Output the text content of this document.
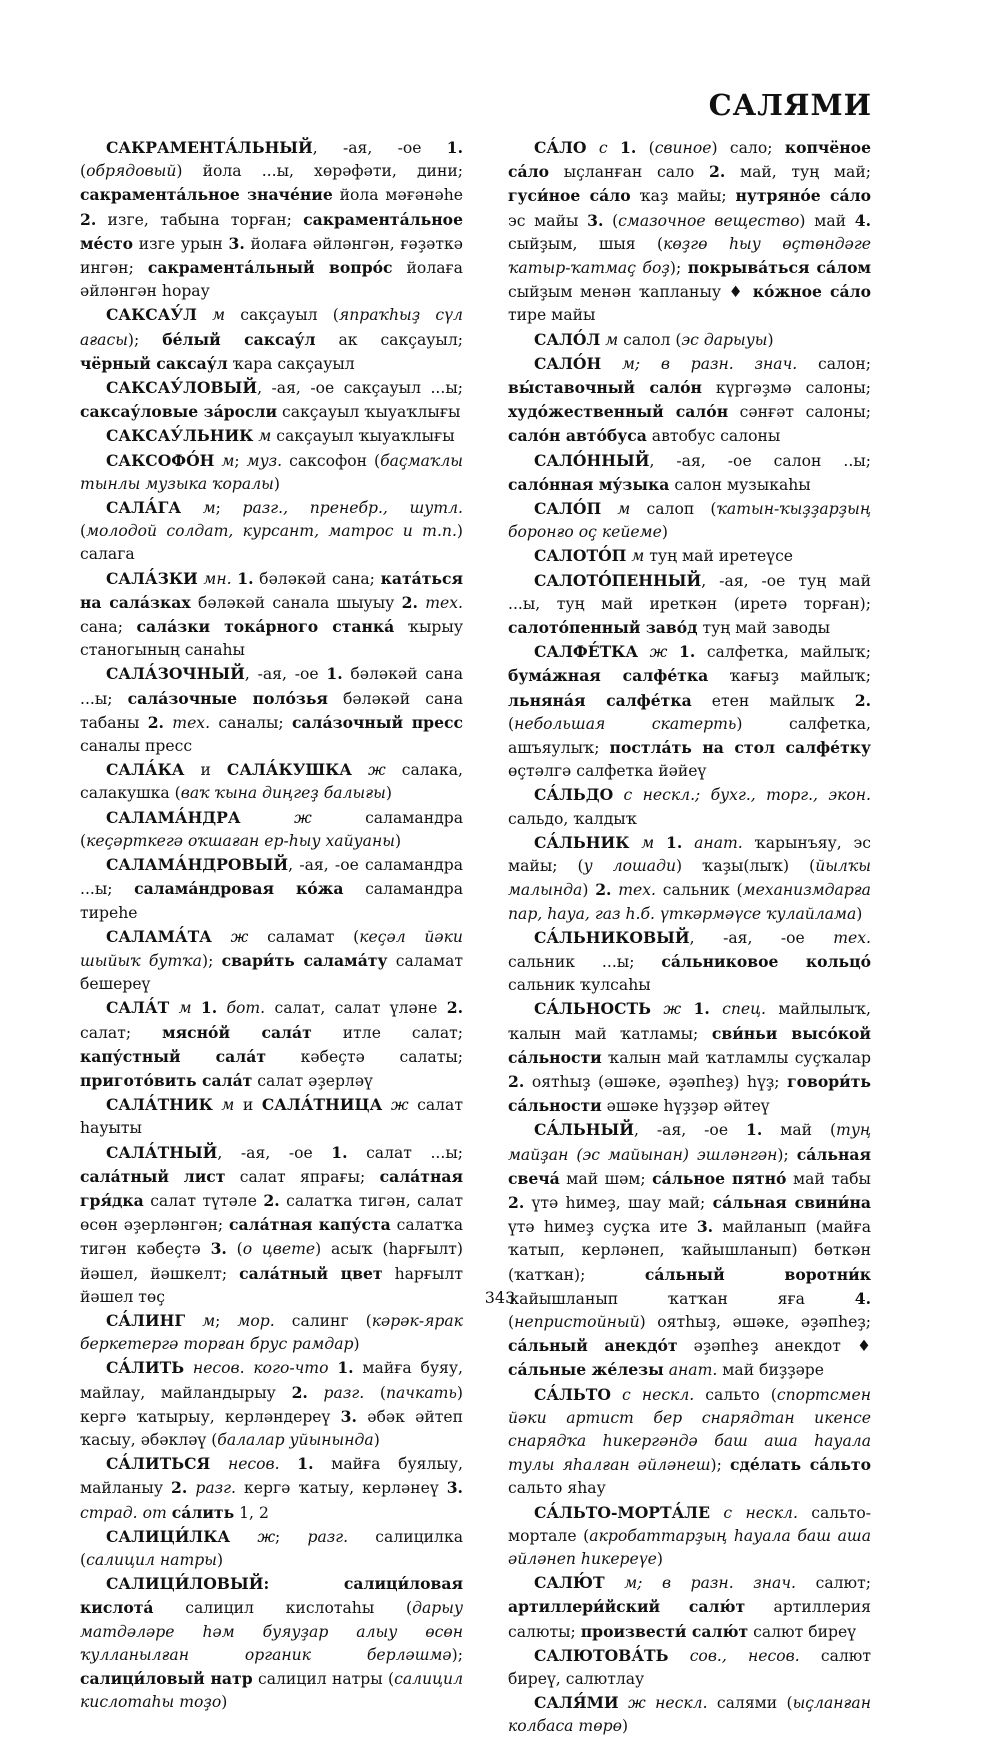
САЛЯМИ

САКРАМЕНТА́ЛЬНЫЙ, -ая, -ое 1. (обрядовый) йола ...ы, хөрәфәти, дини; сакрамента́льное значе́ние йола мәғәнәһе 2. изге, табына торған; сакрамента́льное ме́сто изге урын 3. йолаға әйләнгән, ғәҙәткә ингән; сакрамента́льный вопро́с йолаға әйләнгән һорау

САКСАУ́Л м сакҫауыл (япраҡһыҙ сүл ағасы); бе́лый саксау́л ак сакҫауыл; чёрный саксау́л ҡара сакҫауыл

САКСАУ́ЛОВЫЙ, -ая, -ое сакҫауыл ...ы; саксау́ловые за́росли сакҫауыл ҡыуаҡлығы

САКСАУ́ЛЬНИК м сакҫауыл ҡыуаҡлығы

САКСОФО́Н м; муз. саксофон (баҫмаҡлы тынлы музыка ҡоралы)

САЛА́ГА м; разг., пренебр., шутл. (молодой солдат, курсант, матрос и т.п.) салага

САЛА́ЗКИ мн. 1. бәләкәй сана; ката́ться на сала́зках бәләкәй санала шыуыу 2. тех. сана; сала́зки тока́рного станка́ ҡырыу станогының санаһы

САЛА́ЗОЧНЫЙ, -ая, -ое 1. бәләкәй сана ...ы; сала́зочные поло́зья бәләкәй сана табаны 2. тех. саналы; сала́зочный пресс саналы пресс

САЛА́КА и САЛА́КУШКА ж салака, салакушка (ваҡ ҡына диңгеҙ балығы)

САЛАМА́НДРА	ж саламандра (кеҫәрткегә оҡшаған ер-һыу хайуаны)

САЛАМА́НДРОВЫЙ, -ая, -ое саламандра ...ы; салама́ндровая ко́жа саламандра тиреһе

САЛАМА́ТА ж саламат (кеҫәл йәки шыйыҡ бутҡа); свари́ть салама́ту саламат бешереү

САЛА́Т м 1. бот. салат, салат үләне 2. салат; мясно́й сала́т итле салат; капу́стный сала́т кәбеҫтә салаты; пригото́вить сала́т салат әҙерләү

САЛА́ТНИК м и САЛА́ТНИЦА ж салат һауыты

САЛА́ТНЫЙ, -ая, -ое 1. салат ...ы; сала́тный лист салат япрағы; сала́тная гря́дка салат түтәле 2. салатҡа тигән, салат өсөн әҙерләнгән; сала́тная капу́ста салатҡа тигән кәбеҫтә 3. (о цвете) асыҡ (һарғылт) йәшел, йәшкелт; сала́тный цвет һарғылт йәшел төҫ

СА́ЛИНГ м; мор. салинг (кәрәк-ярак беркетергә торған брус рамдар)

СА́ЛИТЬ несов. кого-что 1. майға буяу, майлау, майландырыу 2. разг. (пачкать) кергә ҡатырыу, керләндереү 3. әбәк әйтеп ҡасыу, әбәкләү (балалар уйынында)

СА́ЛИТЬСЯ несов. 1. майға буялыу, майланыу 2. разг. кергә ҡатыу, керләнеү 3. страд. от са́лить 1, 2

САЛИЦИ́ЛКА ж; разг. салицилка (салицил натры)

САЛИЦИ́ЛОВЫЙ:	салици́ловая кислота́ салицил кислотаһы (дарыу матдәләре һәм буяуҙар алыу өсөн ҡулланылған органик берләшмә); салици́ловый натр салицил натры (салицил кислотаһы тоҙо)

СА́ЛО с 1. (свиное) сало; копчёное са́ло ыҫланған сало 2. май, туң май; гуси́ное са́ло ҡаҙ майы; нутряно́е са́ло эс майы 3. (смазочное вещество) май 4. сыйҙым, шыя (көҙгө һыу өҫтөндәге ҡатыр-ҡатмаҫ боҙ); покрыва́ться са́лом сыйҙым менән ҡапланыу ♦ ко́жное са́ло тире майы

САЛО́Л м салол (эс дарыуы)

САЛО́Н м; в разн. знач. салон; вы́ставочный сало́н күргәҙмә салоны; худо́жественный сало́н сәнғәт салоны; сало́н авто́буса автобус салоны

САЛО́ННЫЙ, -ая, -ое салон ..ы; сало́нная му́зыка салон музыкаһы

САЛО́П м салоп (ҡатын-ҡыҙҙарҙың боронғо оҫ кейеме)

САЛОТО́П м туң май иретеүсе

САЛОТО́ПЕННЫЙ, -ая, -ое туң май ...ы, туң май иреткән (иретә торған); салото́пенный заво́д туң май заводы

САЛФЕ́ТКА ж 1. салфетка, майлыҡ; бума́жная салфе́тка ҡағыҙ майлыҡ; льняна́я салфе́тка етен майлыҡ 2. (небольшая скатерть) салфетка, ашъяулыҡ; постла́ть на стол салфе́тку өҫтәлгә салфетка йәйеү

СА́ЛЬДО с нескл.; бухг., торг., экон. сальдо, ҡалдыҡ

СА́ЛЬНИК м 1. анат. ҡарынъяу, эс майы; (у лошади) ҡаҙы(лыҡ) (йылҡы малында) 2. тех. сальник (механизмдарға пар, һауа, газ һ.б. үткәрмәүсе ҡулайлама)

СА́ЛЬНИКОВЫЙ, -ая, -ое тех. сальник ...ы; са́льниковое кольцо́ сальник ҡулсаһы

СА́ЛЬНОСТЬ ж 1. спец. майлылыҡ, ҡалын май ҡатламы; сви́ньи высо́кой са́льности ҡалын май ҡатламлы суҫҡалар 2. оятһыҙ (әшәке, әҙәпһеҙ) һүҙ; говори́ть са́льности әшәке һүҙҙәр әйтеү

СА́ЛЬНЫЙ, -ая, -ое 1. май (туң майҙан (эс майынан) эшләнгән); са́льная свеча́ май шәм; са́льное пятно́ май табы 2. үтә һимеҙ, шау май; са́льная свини́на үтә һимеҙ суҫҡа ите 3. майланып (майға ҡатып, керләнеп, ҡайышланып) бөткән (ҡатҡан); са́льный воротни́к ҡайышланып ҡатҡан яға 4. (непристойный) оятһыҙ, әшәке, әҙәпһеҙ; са́льный анекдо́т әҙәпһеҙ анекдот ♦ са́льные же́лезы анат. май биҙҙәре

СА́ЛЬТО с нескл. сальто (спортсмен йәки артист бер снарядтан икенсе снарядҡа һикергәндә баш аша һауала тулы яһалған әйләнеш); сде́лать са́льто сальто яһау

СА́ЛЬТО-МОРТА́ЛЕ с нескл. сальто-мортале (акробаттарҙың һауала баш аша әйләнеп һикереүе)

САЛЮ́Т м; в разн. знач. салют; артиллери́йский салю́т артиллерия салюты; произвести́ салю́т салют биреү

САЛЮТОВА́ТЬ сов., несов. салют биреү, салютлау

САЛЯ́МИ ж нескл. салями (ыҫланған колбаса төрө)

343
